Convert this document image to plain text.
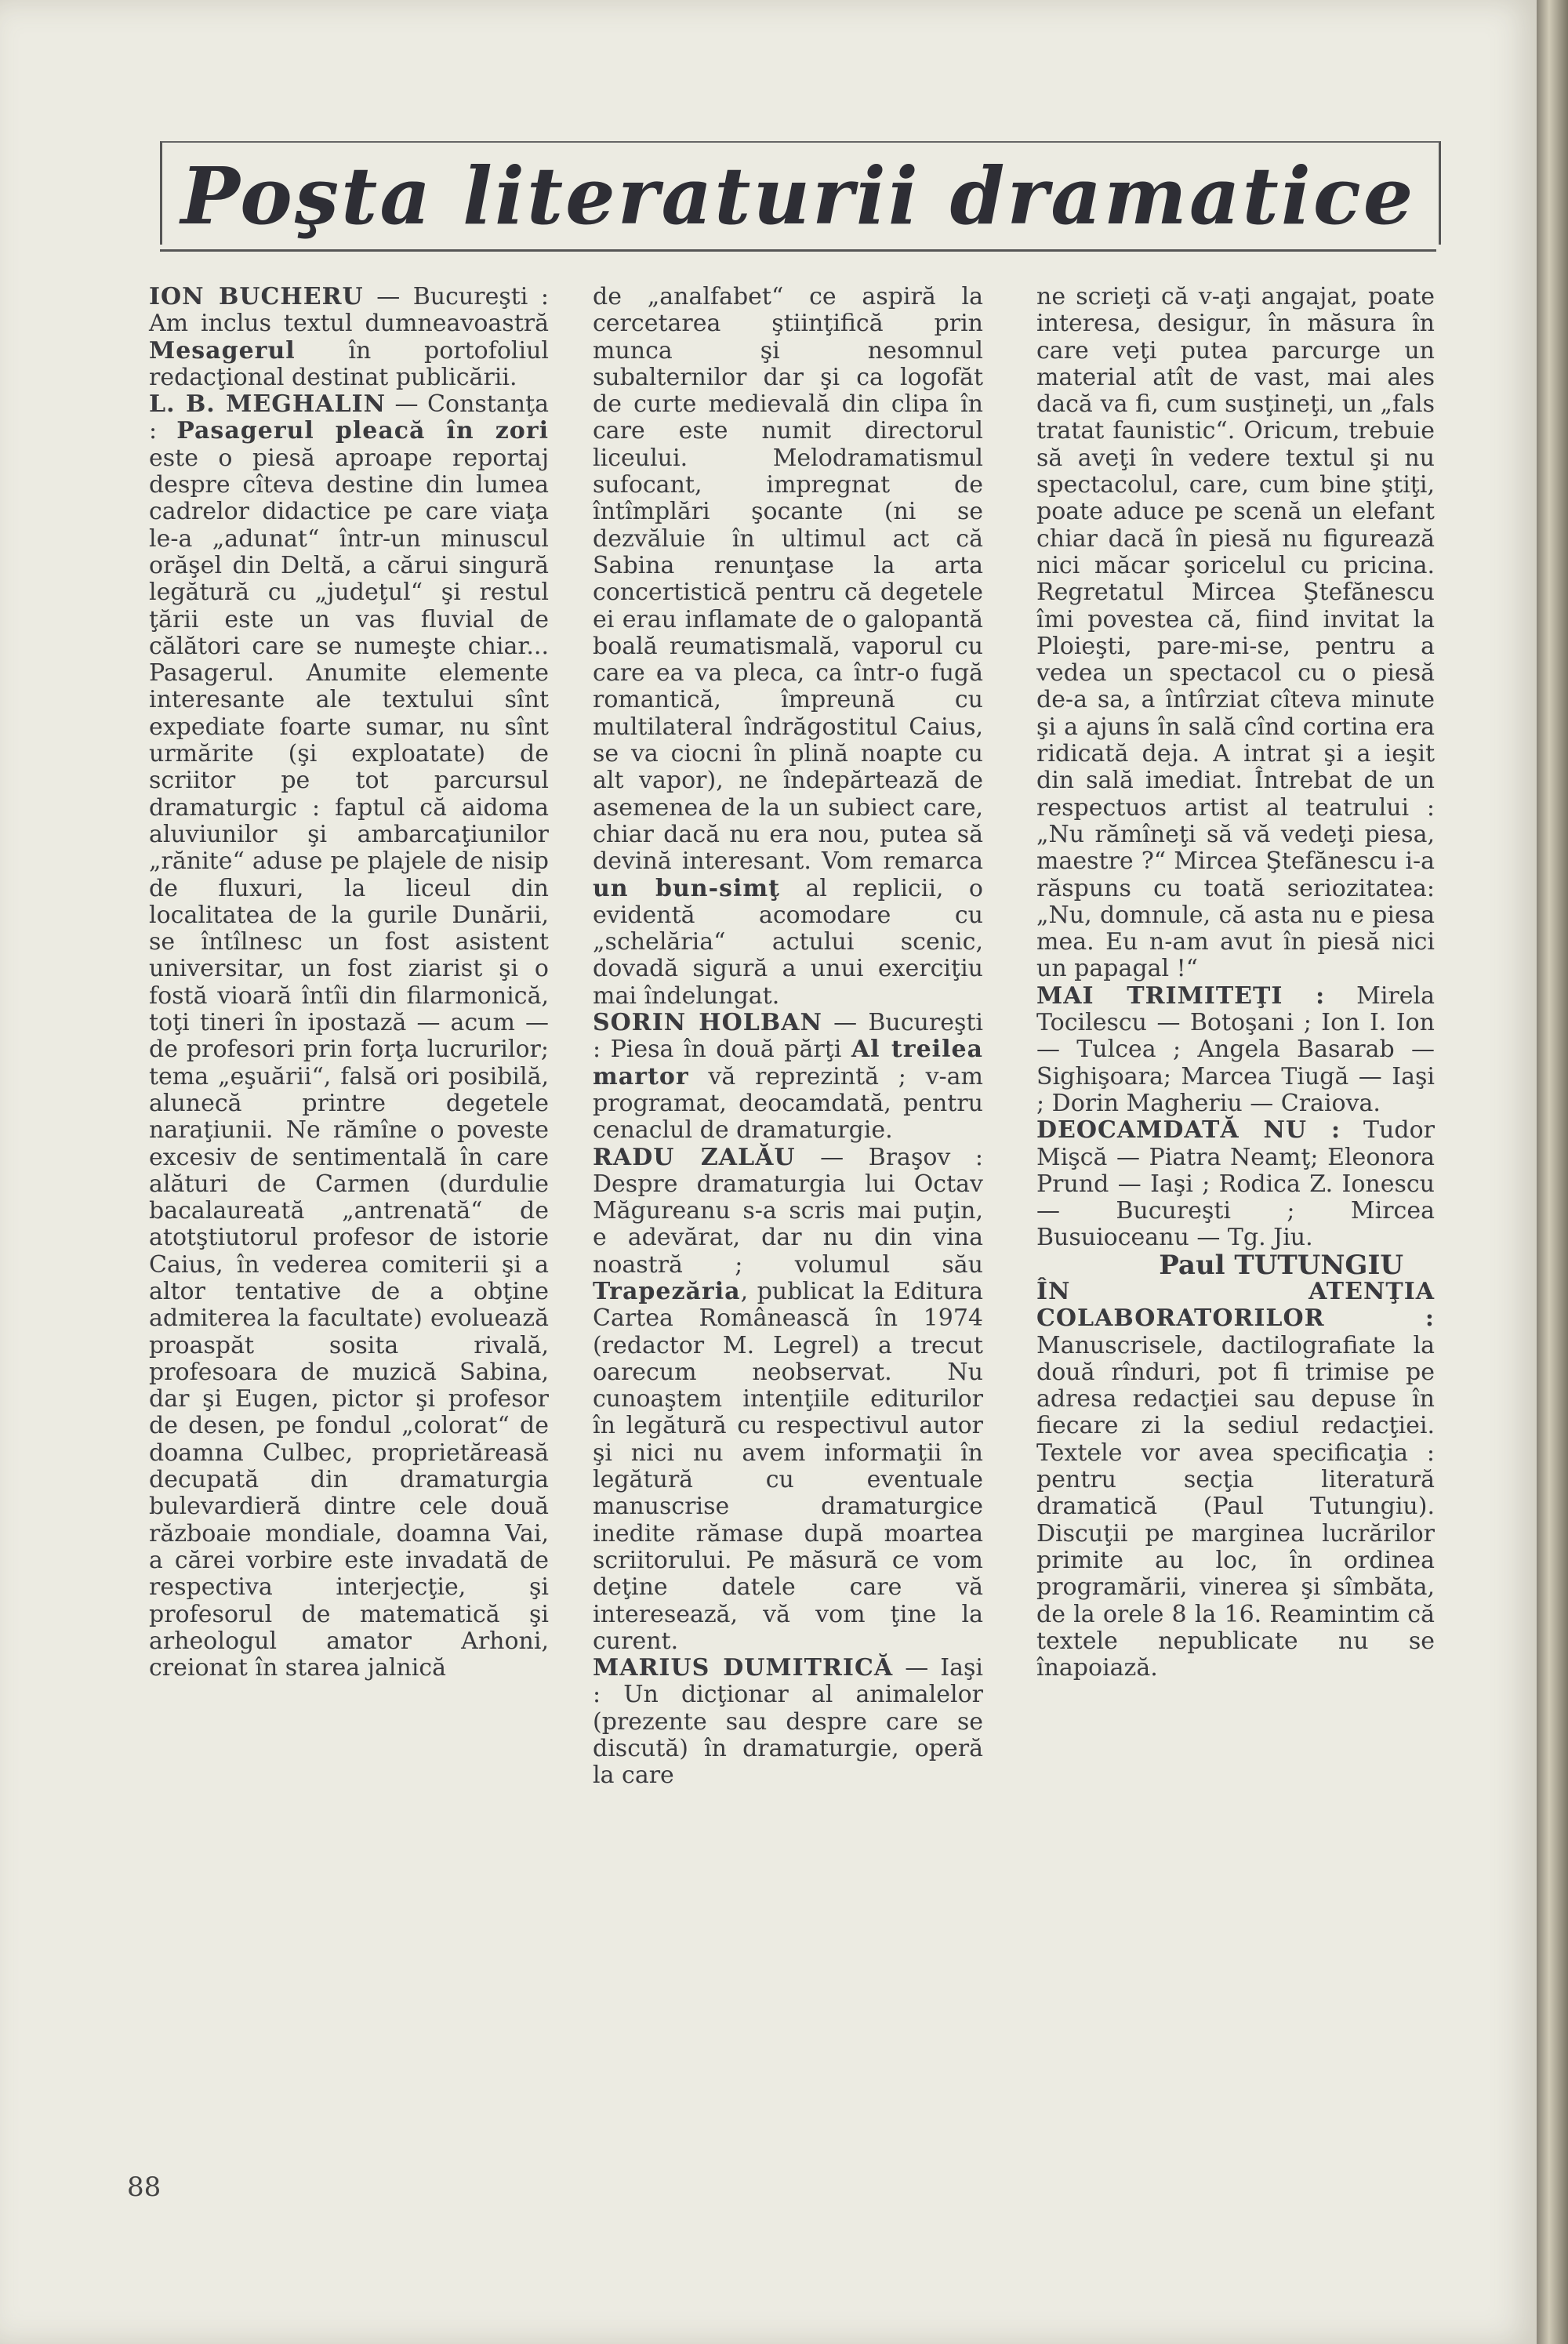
Poşta literaturii dramatice

ION BUCHERU — Bucureşti : Am inclus textul dumneavoastră Mesagerul în portofoliul redacţional destinat publicării.

L. B. MEGHALIN — Constanţa : Pasagerul pleacă în zori este o piesă aproape reportaj despre cîteva destine din lumea cadrelor didactice pe care viaţa le-a „adunat“ într-un minuscul orăşel din Deltă, a cărui singură legătură cu „judeţul“ şi restul ţării este un vas fluvial de călători care se numeşte chiar... Pasagerul. Anumite elemente interesante ale textului sînt expediate foarte sumar, nu sînt urmărite (şi exploatate) de scriitor pe tot parcursul dramaturgic : faptul că aidoma aluviunilor şi ambarcaţiunilor „rănite“ aduse pe plajele de nisip de fluxuri, la liceul din localitatea de la gurile Dunării, se întîlnesc un fost asistent universitar, un fost ziarist şi o fostă vioară întîi din filarmonică, toţi tineri în ipostază — acum — de profesori prin forţa lucrurilor; tema „eşuării“, falsă ori posibilă, alunecă printre degetele naraţiunii. Ne rămîne o poveste excesiv de sentimentală în care alături de Carmen (durdulie bacalaureată „antrenată“ de atotştiutorul profesor de istorie Caius, în vederea comiterii şi a altor tentative de a obţine admiterea la facultate) evoluează proaspăt sosita rivală, profesoara de muzică Sabina, dar şi Eugen, pictor şi profesor de desen, pe fondul „colorat“ de doamna Culbec, proprietăreasă decupată din dramaturgia bulevardieră dintre cele două războaie mondiale, doamna Vai, a cărei vorbire este invadată de respectiva interjecţie, şi profesorul de matematică şi arheologul amator Arhoni, creionat în starea jalnică

de „analfabet“ ce aspiră la cercetarea ştiinţifică prin munca şi nesomnul subalternilor dar şi ca logofăt de curte medievală din clipa în care este numit directorul liceului. Melodramatismul sufocant, impregnat de întîmplări şocante (ni se dezvăluie în ultimul act că Sabina renunţase la arta concertistică pentru că degetele ei erau inflamate de o galopantă boală reumatismală, vaporul cu care ea va pleca, ca într-o fugă romantică, împreună cu multilateral îndrăgostitul Caius, se va ciocni în plină noapte cu alt vapor), ne îndepărtează de asemenea de la un subiect care, chiar dacă nu era nou, putea să devină interesant. Vom remarca un bun-simţ al replicii, o evidentă acomodare cu „schelăria“ actului scenic, dovadă sigură a unui exerciţiu mai îndelungat.

SORIN HOLBAN — Bucureşti : Piesa în două părţi Al treilea martor vă reprezintă ; v-am programat, deocamdată, pentru cenaclul de dramaturgie.

RADU ZALĂU — Braşov : Despre dramaturgia lui Octav Măgureanu s-a scris mai puţin, e adevărat, dar nu din vina noastră ; volumul său Trapezăria, publicat la Editura Cartea Românească în 1974 (redactor M. Legrel) a trecut oarecum neobservat. Nu cunoaştem intenţiile editurilor în legătură cu respectivul autor şi nici nu avem informaţii în legătură cu eventuale manuscrise dramaturgice inedite rămase după moartea scriitorului. Pe măsură ce vom deţine datele care vă interesează, vă vom ţine la curent.

MARIUS DUMITRICĂ — Iaşi : Un dicţionar al animalelor (prezente sau despre care se discută) în dramaturgie, operă la care

ne scrieţi că v-aţi angajat, poate interesa, desigur, în măsura în care veţi putea parcurge un material atît de vast, mai ales dacă va fi, cum susţineţi, un „fals tratat faunistic“. Oricum, trebuie să aveţi în vedere textul şi nu spectacolul, care, cum bine ştiţi, poate aduce pe scenă un elefant chiar dacă în piesă nu figurează nici măcar şoricelul cu pricina. Regretatul Mircea Ştefănescu îmi povestea că, fiind invitat la Ploieşti, pare-mi-se, pentru a vedea un spectacol cu o piesă de-a sa, a întîrziat cîteva minute şi a ajuns în sală cînd cortina era ridicată deja. A intrat şi a ieşit din sală imediat. Întrebat de un respectuos artist al teatrului : „Nu rămîneţi să vă vedeţi piesa, maestre ?“ Mircea Ştefănescu i-a răspuns cu toată seriozitatea: „Nu, domnule, că asta nu e piesa mea. Eu n-am avut în piesă nici un papagal !“

MAI TRIMITEŢI : Mirela Tocilescu — Botoşani ; Ion I. Ion — Tulcea ; Angela Basarab — Sighişoara; Marcea Tiugă — Iaşi ; Dorin Magheriu — Craiova.

DEOCAMDATĂ NU : Tudor Mişcă — Piatra Neamţ; Eleonora Prund — Iaşi ; Rodica Z. Ionescu — Bucureşti ; Mircea Busuioceanu — Tg. Jiu.

Paul TUTUNGIU

ÎN ATENŢIA COLABORATORILOR : Manuscrisele, dactilografiate la două rînduri, pot fi trimise pe adresa redacţiei sau depuse în fiecare zi la sediul redacţiei. Textele vor avea specificaţia : pentru secţia literatură dramatică (Paul Tutungiu). Discuţii pe marginea lucrărilor primite au loc, în ordinea programării, vinerea şi sîmbăta, de la orele 8 la 16. Reamintim că textele nepublicate nu se înapoiază.

88
